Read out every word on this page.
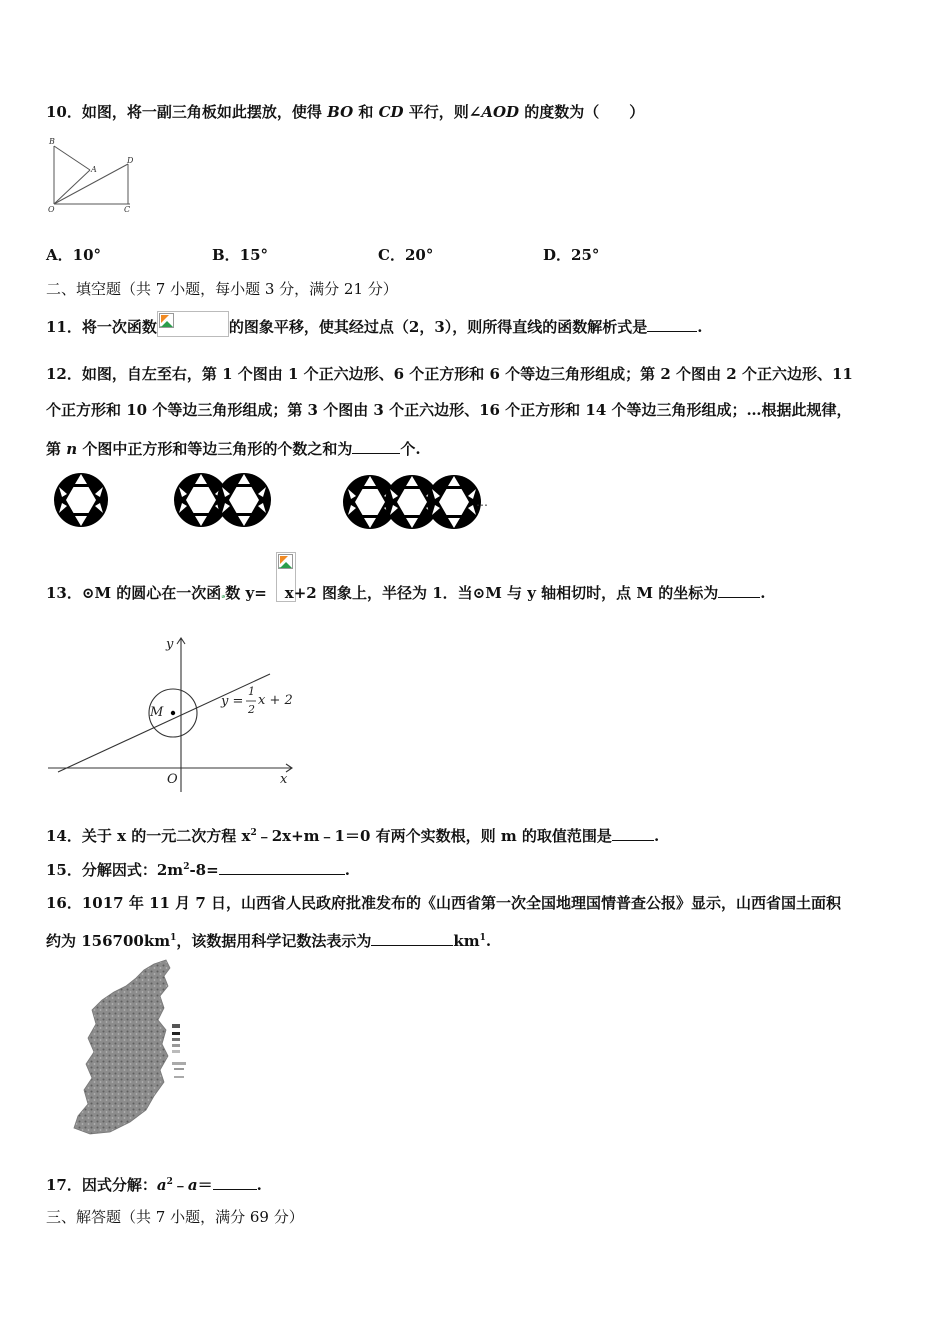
10．如图，将一副三角板如此摆放，使得 BO 和 CD 平行，则∠AOD 的度数为（　　）
B
A
D
O	C
A．10°	B．15°	C．20°	D．25°
二、填空题（共 7 小题，每小题 3 分，满分 21 分）
11．将一次函数	的图象平移，使其经过点（2，3），则所得直线的函数解析式是	.
12．如图，自左至右，第 1 个图由 1 个正六边形、6 个正方形和 6 个等边三角形组成；第 2 个图由 2 个正六边形、11
个正方形和 10 个等边三角形组成；第 3 个图由 3 个正六边形、16 个正方形和 14 个等边三角形组成；…根据此规律，
第 n 个图中正方形和等边三角形的个数之和为	个.
…
13．⊙M 的圆心在一次函ₔ数 y= x+2 图象上，半径为 1．当⊙M 与 y 轴相切时，点 M 的坐标为	.
y
x
O
M
y =
1
2
x + 2
14．关于 x 的一元二次方程 $x^2﹣2x+m﹣1=0$ 有两个实数根，则 m 的取值范围是	.
15．分解因式：$2m^2-8=$	.
16．1017 年 11 月 7 日，山西省人民政府批准发布的《山西省第一次全国地理国情普查公报》显示，山西省国土面积
约为 $156700km^1$，该数据用科学记数法表示为	$km^1$.
17．因式分解：$a^2﹣a=$	.
三、解答题（共 7 小题，满分 69 分）
